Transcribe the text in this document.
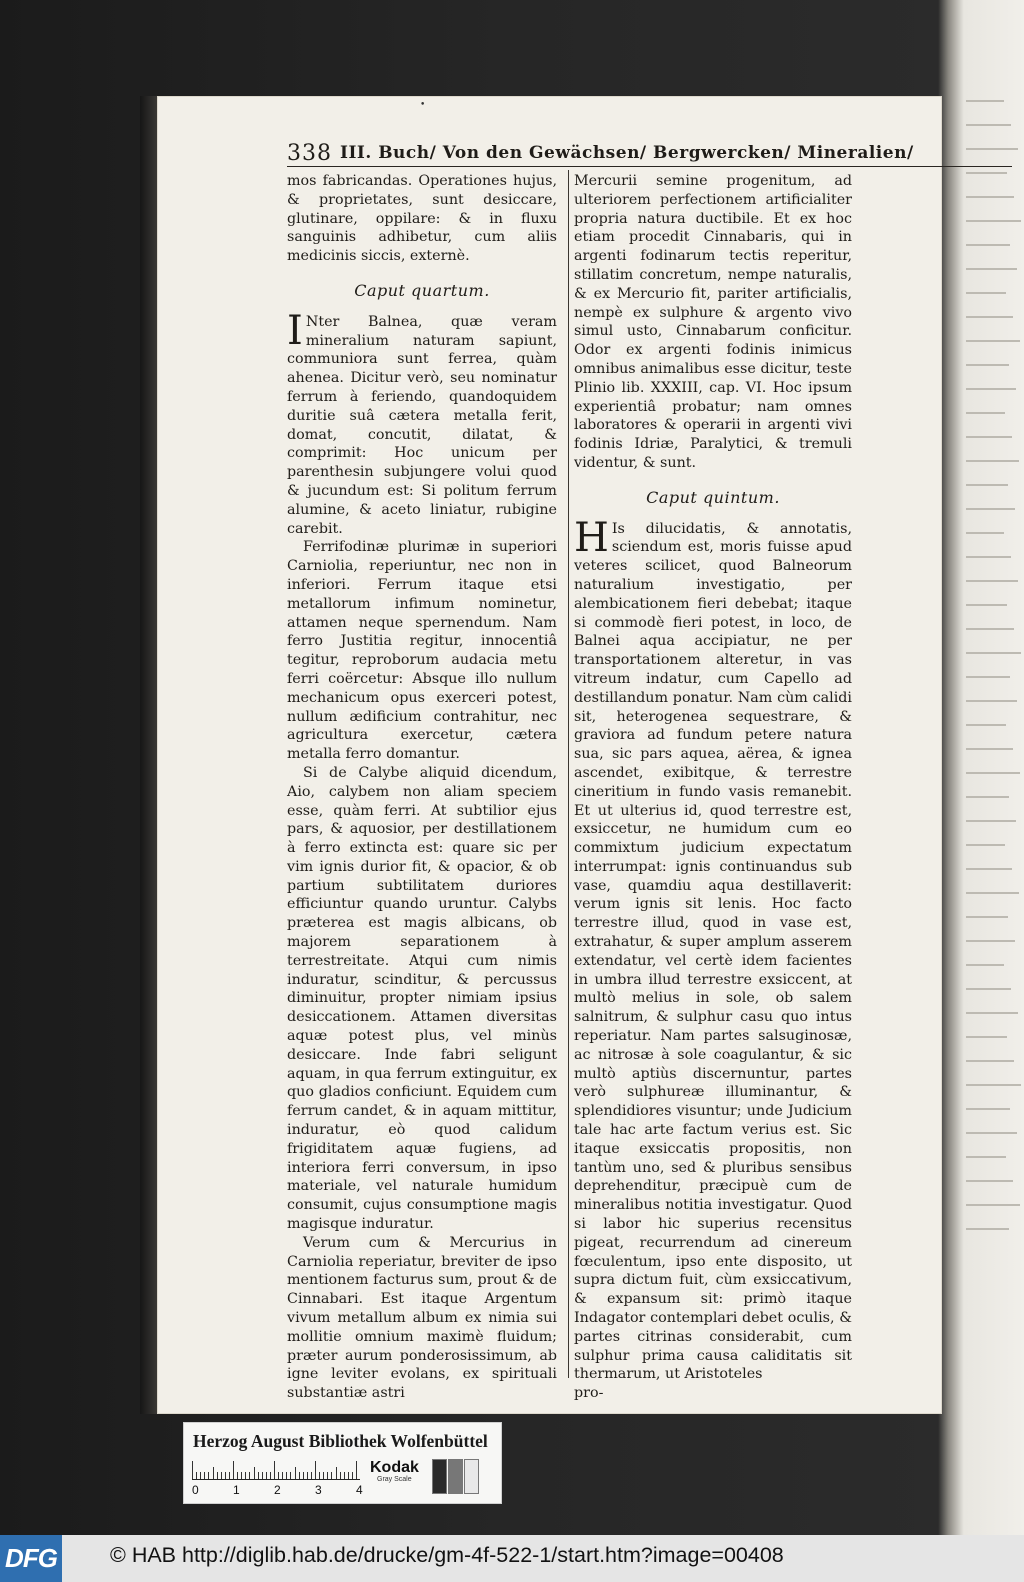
•
338 III. Buch/ Von den Gewächsen/ Bergwercken/ Mineralien/

mos fabricandas. Operationes hujus, & proprietates, sunt desiccare, glutinare, oppilare: & in fluxu sanguinis adhibetur, cum aliis medicinis siccis, externè.

Caput quartum.

I Nter Balnea, quæ veram mineralium naturam sapiunt, communiora sunt ferrea, quàm ahenea. Dicitur verò, seu nominatur ferrum à feriendo, quandoquidem duritie suâ cætera metalla ferit, domat, concutit, dilatat, & comprimit: Hoc unicum per parenthesin subjungere volui quod & jucundum est: Si politum ferrum alumine, & aceto liniatur, rubigine carebit.

Ferrifodinæ plurimæ in superiori Carniolia, reperiuntur, nec non in inferiori. Ferrum itaque etsi metallorum infimum nominetur, attamen neque spernendum. Nam ferro Justitia regitur, innocentiâ tegitur, reproborum audacia metu ferri coërcetur: Absque illo nullum mechanicum opus exerceri potest, nullum ædificium contrahitur, nec agricultura exercetur, cætera metalla ferro domantur.

Si de Calybe aliquid dicendum, Aio, calybem non aliam speciem esse, quàm ferri. At subtilior ejus pars, & aquosior, per destillationem à ferro extincta est: quare sic per vim ignis durior fit, & opacior, & ob partium subtilitatem duriores efficiuntur quando uruntur. Calybs præterea est magis albicans, ob majorem separationem à terrestreitate. Atqui cum nimis induratur, scinditur, & percussus diminuitur, propter nimiam ipsius desiccationem. Attamen diversitas aquæ potest plus, vel minùs desiccare. Inde fabri seligunt aquam, in qua ferrum extinguitur, ex quo gladios conficiunt. Equidem cum ferrum candet, & in aquam mittitur, induratur, eò quod calidum frigiditatem aquæ fugiens, ad interiora ferri conversum, in ipso materiale, vel naturale humidum consumit, cujus consumptione magis magisque induratur.

Verum cum & Mercurius in Carniolia reperiatur, breviter de ipso mentionem facturus sum, prout & de Cinnabari. Est itaque Argentum vivum metallum album ex nimia sui mollitie omnium maximè fluidum; præter aurum ponderosissimum, ab igne leviter evolans, ex spirituali substantiæ astri

Mercurii semine progenitum, ad ulteriorem perfectionem artificialiter propria natura ductibile. Et ex hoc etiam procedit Cinnabaris, qui in argenti fodinarum tectis reperitur, stillatim concretum, nempe naturalis, & ex Mercurio fit, pariter artificialis, nempè ex sulphure & argento vivo simul usto, Cinnabarum conficitur. Odor ex argenti fodinis inimicus omnibus animalibus esse dicitur, teste Plinio lib. XXXIII, cap. VI. Hoc ipsum experientiâ probatur; nam omnes laboratores & operarii in argenti vivi fodinis Idriæ, Paralytici, & tremuli videntur, & sunt.

Caput quintum.

H Is dilucidatis, & annotatis, sciendum est, moris fuisse apud veteres scilicet, quod Balneorum naturalium investigatio, per alembicationem fieri debebat; itaque si commodè fieri potest, in loco, de Balnei aqua accipiatur, ne per transportationem alteretur, in vas vitreum indatur, cum Capello ad destillandum ponatur. Nam cùm calidi sit, heterogenea sequestrare, & graviora ad fundum petere natura sua, sic pars aquea, aërea, & ignea ascendet, exibitque, & terrestre cineritium in fundo vasis remanebit. Et ut ulterius id, quod terrestre est, exsiccetur, ne humidum cum eo commixtum judicium expectatum interrumpat: ignis continuandus sub vase, quamdiu aqua destillaverit: verum ignis sit lenis. Hoc facto terrestre illud, quod in vase est, extrahatur, & super amplum asserem extendatur, vel certè idem facientes in umbra illud terrestre exsiccent, at multò melius in sole, ob salem salnitrum, & sulphur casu quo intus reperiatur. Nam partes salsuginosæ, ac nitrosæ à sole coagulantur, & sic multò aptiùs discernuntur, partes verò sulphureæ illuminantur, & splendidiores visuntur; unde Judicium tale hac arte factum verius est. Sic itaque exsiccatis propositis, non tantùm uno, sed & pluribus sensibus deprehenditur, præcipuè cum de mineralibus notitia investigatur. Quod si labor hic superius recensitus pigeat, recurrendum ad cinereum fœculentum, ipso ente disposito, ut supra dictum fuit, cùm exsiccativum, & expansum sit: primò itaque Indagator contemplari debet oculis, & partes citrinas considerabit, cum sulphur prima causa caliditatis sit thermarum, ut Aristoteles

pro-

Herzog August Bibliothek Wolfenbüttel
0	1	2	3	4
Kodak
Gray Scale
DFG © HAB http://diglib.hab.de/drucke/gm-4f-522-1/start.htm?image=00408
